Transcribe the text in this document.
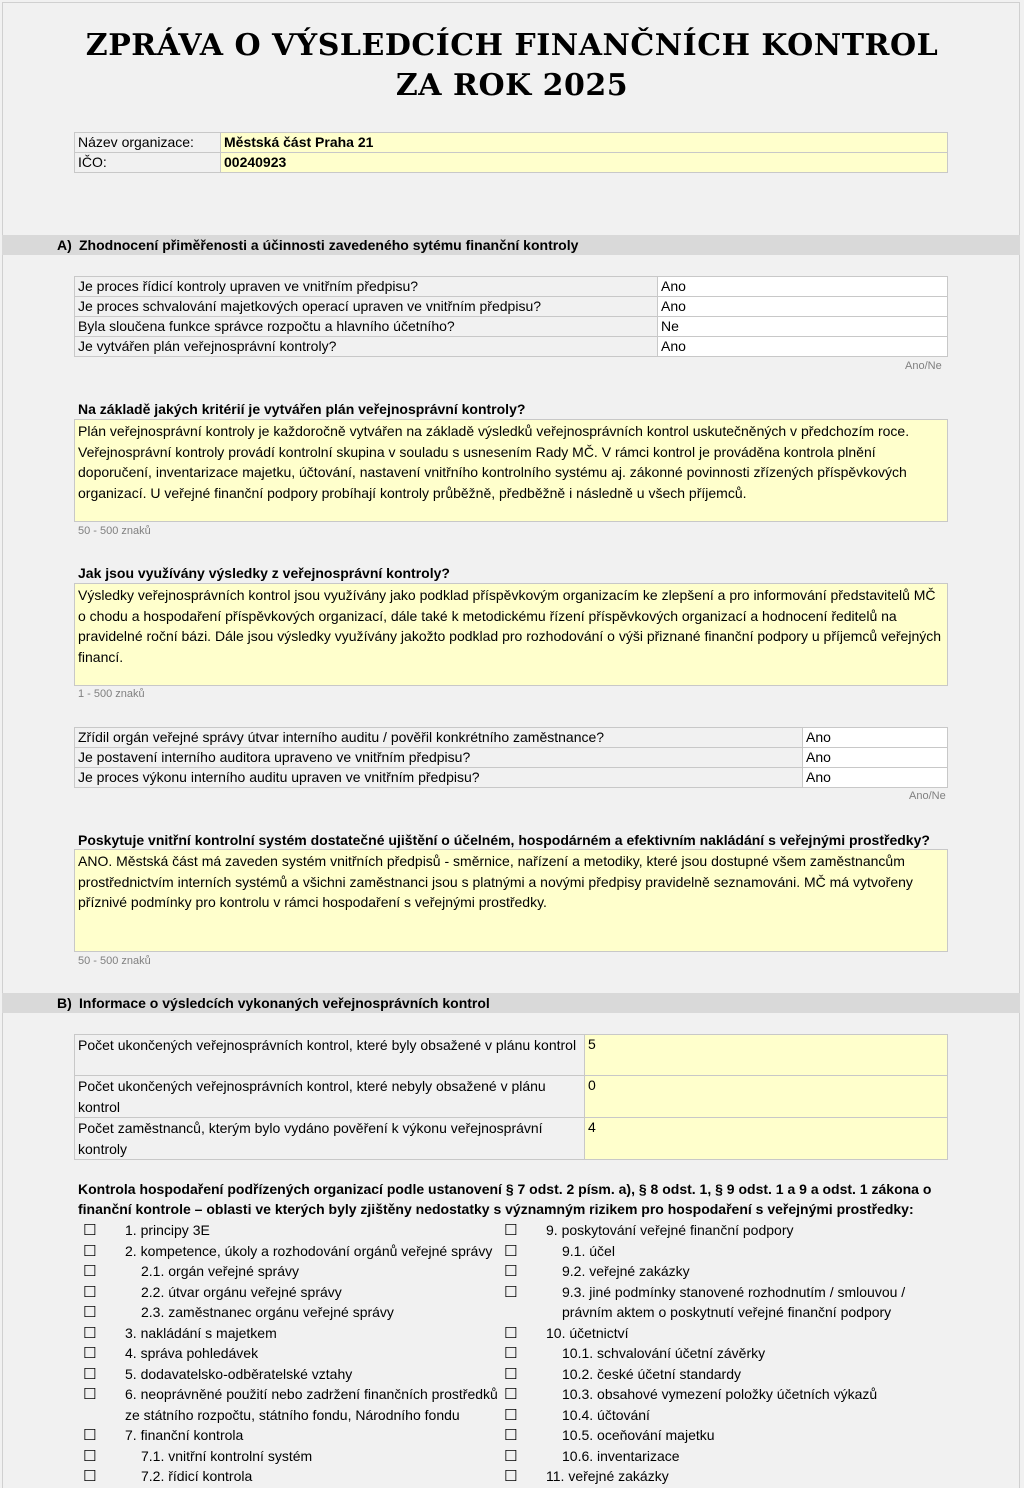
ZPRÁVA O VÝSLEDCÍCH FINANČNÍCH KONTROL
ZA ROK 2025
Název organizace:	Městská část Praha 21
IČO:	00240923
A) Zhodnocení přiměřenosti a účinnosti zavedeného sytému finanční kontroly
Je proces řídicí kontroly upraven ve vnitřním předpisu?	Ano
Je proces schvalování majetkových operací upraven ve vnitřním předpisu?	Ano
Byla sloučena funkce správce rozpočtu a hlavního účetního?	Ne
Je vytvářen plán veřejnosprávní kontroly?	Ano
Ano/Ne
Na základě jakých kritérií je vytvářen plán veřejnosprávní kontroly?
Plán veřejnosprávní kontroly je každoročně vytvářen na základě výsledků veřejnosprávních kontrol uskutečněných v předchozím roce. Veřejnosprávní kontroly provádí kontrolní skupina v souladu s usnesením Rady MČ. V rámci kontrol je prováděna kontrola plnění doporučení, inventarizace majetku, účtování, nastavení vnitřního kontrolního systému aj. zákonné povinnosti zřízených příspěvkových organizací. U veřejné finanční podpory probíhají kontroly průběžně, předběžně i následně u všech příjemců.
50 - 500 znaků
Jak jsou využívány výsledky z veřejnosprávní kontroly?
Výsledky veřejnosprávních kontrol jsou využívány jako podklad příspěvkovým organizacím ke zlepšení a pro informování představitelů MČ o chodu a hospodaření příspěvkových organizací, dále také k metodickému řízení příspěvkových organizací a hodnocení ředitelů na pravidelné roční bázi. Dále jsou výsledky využívány jakožto podklad pro rozhodování o výši přiznané finanční podpory u příjemců veřejných financí.
1 - 500 znaků
Zřídil orgán veřejné správy útvar interního auditu / pověřil konkrétního zaměstnance?	Ano
Je postavení interního auditora upraveno ve vnitřním předpisu?	Ano
Je proces výkonu interního auditu upraven ve vnitřním předpisu?	Ano
Ano/Ne
Poskytuje vnitřní kontrolní systém dostatečné ujištění o účelném, hospodárném a efektivním nakládání s veřejnými prostředky?
ANO. Městská část má zaveden systém vnitřních předpisů - směrnice, nařízení a metodiky, které jsou dostupné všem zaměstnancům prostřednictvím interních systémů a všichni zaměstnanci jsou s platnými a novými předpisy pravidelně seznamováni. MČ má vytvořeny příznivé podmínky pro kontrolu v rámci hospodaření s veřejnými prostředky.
50 - 500 znaků
B) Informace o výsledcích vykonaných veřejnosprávních kontrol
Počet ukončených veřejnosprávních kontrol, které byly obsažené v plánu kontrol	5
Počet ukončených veřejnosprávních kontrol, které nebyly obsažené v plánu kontrol	0
Počet zaměstnanců, kterým bylo vydáno pověření k výkonu veřejnosprávní kontroly	4
Kontrola hospodaření podřízených organizací podle ustanovení § 7 odst. 2 písm. a), § 8 odst. 1, § 9 odst. 1 a 9 a odst. 1 zákona o
finanční kontrole – oblasti ve kterých byly zjištěny nedostatky s významným rizikem pro hospodaření s veřejnými prostředky:
☐ 1. principy 3E
☐ 2. kompetence, úkoly a rozhodování orgánů veřejné správy
☐	2.1. orgán veřejné správy
☐	2.2. útvar orgánu veřejné správy
☐	2.3. zaměstnanec orgánu veřejné správy
☐ 3. nakládání s majetkem
☐ 4. správa pohledávek
☐ 5. dodavatelsko-odběratelské vztahy
☐ 6. neoprávněné použití nebo zadržení finančních prostředků
ze státního rozpočtu, státního fondu, Národního fondu
☐ 7. finanční kontrola
☐	7.1. vnitřní kontrolní systém
☐	7.2. řídicí kontrola
☐ 9. poskytování veřejné finanční podpory
☐	9.1. účel
☐	9.2. veřejné zakázky
☐	9.3. jiné podmínky stanovené rozhodnutím / smlouvou /
právním aktem o poskytnutí veřejné finanční podpory
☐ 10. účetnictví
☐	10.1. schvalování účetní závěrky
☐	10.2. české účetní standardy
☐	10.3. obsahové vymezení položky účetních výkazů
☐	10.4. účtování
☐	10.5. oceňování majetku
☐	10.6. inventarizace
☐ 11. veřejné zakázky
